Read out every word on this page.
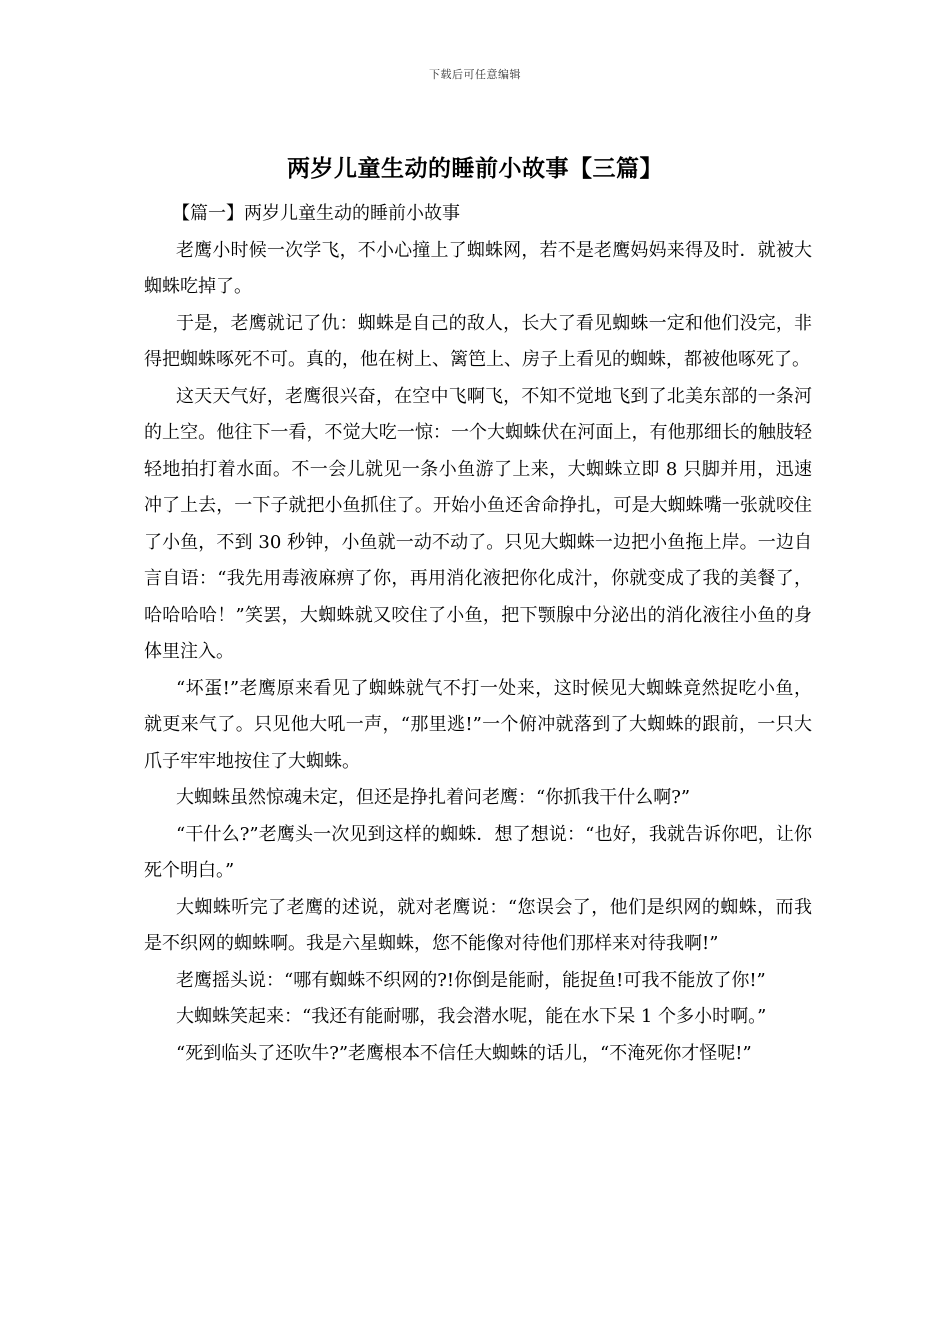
下载后可任意编辑
两岁儿童生动的睡前小故事【三篇】

【篇一】两岁儿童生动的睡前小故事

老鹰小时候一次学飞，不小心撞上了蜘蛛网，若不是老鹰妈妈来得及时．就被大蜘蛛吃掉了。

于是，老鹰就记了仇：蜘蛛是自己的敌人，长大了看见蜘蛛一定和他们没完，非得把蜘蛛啄死不可。真的，他在树上、篱笆上、房子上看见的蜘蛛，都被他啄死了。

这天天气好，老鹰很兴奋，在空中飞啊飞，不知不觉地飞到了北美东部的一条河的上空。他往下一看，不觉大吃一惊：一个大蜘蛛伏在河面上，有他那细长的触肢轻轻地拍打着水面。不一会儿就见一条小鱼游了上来，大蜘蛛立即 8 只脚并用，迅速冲了上去，一下子就把小鱼抓住了。开始小鱼还舍命挣扎，可是大蜘蛛嘴一张就咬住了小鱼，不到 30 秒钟，小鱼就一动不动了。只见大蜘蛛一边把小鱼拖上岸。一边自言自语：“我先用毒液麻痹了你，再用消化液把你化成汁，你就变成了我的美餐了，哈哈哈哈！”笑罢，大蜘蛛就又咬住了小鱼，把下颚腺中分泌出的消化液往小鱼的身体里注入。

“坏蛋!”老鹰原来看见了蜘蛛就气不打一处来，这时候见大蜘蛛竟然捉吃小鱼，就更来气了。只见他大吼一声，“那里逃!”一个俯冲就落到了大蜘蛛的跟前，一只大爪子牢牢地按住了大蜘蛛。

大蜘蛛虽然惊魂未定，但还是挣扎着问老鹰：“你抓我干什么啊?”

“干什么?”老鹰头一次见到这样的蜘蛛．想了想说：“也好，我就告诉你吧，让你死个明白。”

大蜘蛛听完了老鹰的述说，就对老鹰说：“您误会了，他们是织网的蜘蛛，而我是不织网的蜘蛛啊。我是六星蜘蛛，您不能像对待他们那样来对待我啊!”

老鹰摇头说：“哪有蜘蛛不织网的?!你倒是能耐，能捉鱼!可我不能放了你!”

大蜘蛛笑起来：“我还有能耐哪，我会潜水呢，能在水下呆 1 个多小时啊。”

“死到临头了还吹牛?”老鹰根本不信任大蜘蛛的话儿，“不淹死你才怪呢!”
